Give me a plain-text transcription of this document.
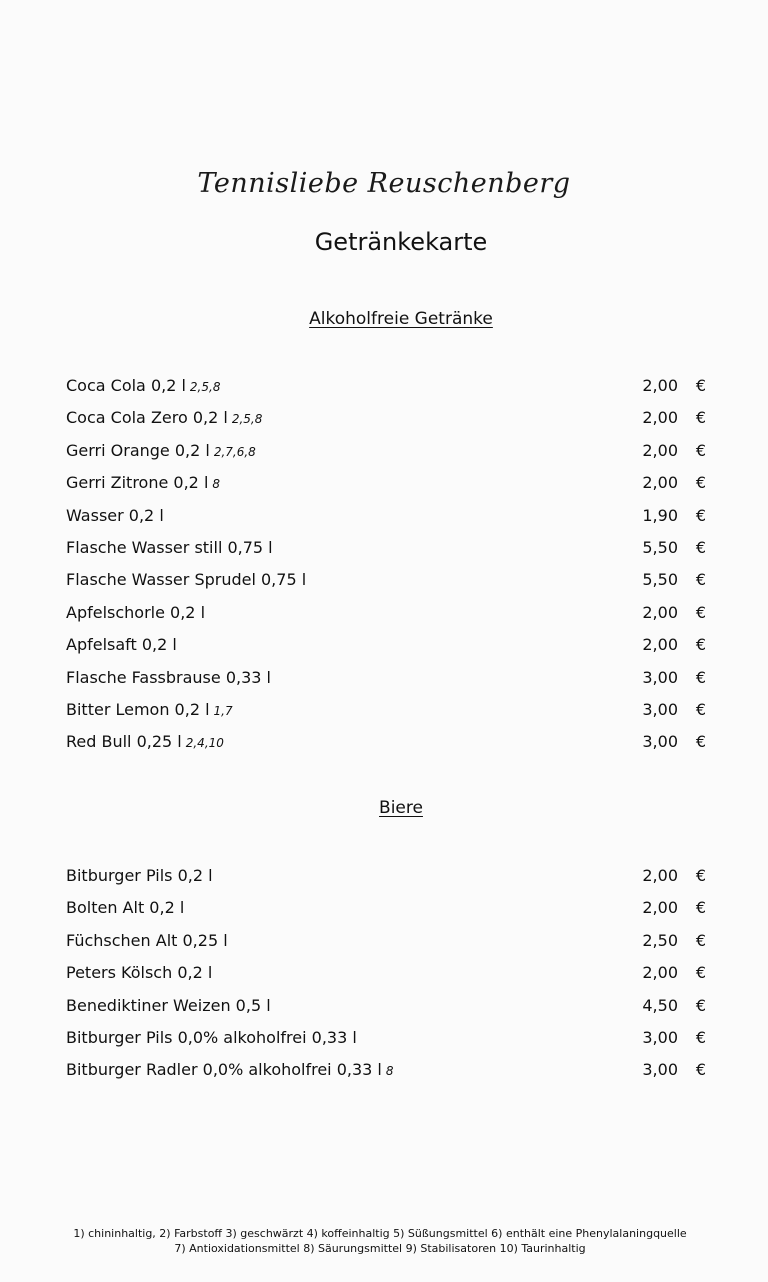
Tennisliebe Reuschenberg
Getränkekarte
Alkoholfreie Getränke
Coca Cola 0,2 l 2,5,8	2,00 €
Coca Cola Zero 0,2 l 2,5,8	2,00 €
Gerri Orange 0,2 l 2,7,6,8	2,00 €
Gerri Zitrone 0,2 l 8	2,00 €
Wasser 0,2 l	1,90 €
Flasche Wasser still 0,75 l	5,50 €
Flasche Wasser Sprudel 0,75 l	5,50 €
Apfelschorle 0,2 l	2,00 €
Apfelsaft 0,2 l	2,00 €
Flasche Fassbrause 0,33 l	3,00 €
Bitter Lemon 0,2 l 1,7	3,00 €
Red Bull 0,25 l 2,4,10	3,00 €
Biere
Bitburger Pils 0,2 l	2,00 €
Bolten Alt 0,2 l	2,00 €
Füchschen Alt 0,25 l	2,50 €
Peters Kölsch 0,2 l	2,00 €
Benediktiner Weizen 0,5 l	4,50 €
Bitburger Pils 0,0% alkoholfrei 0,33 l	3,00 €
Bitburger Radler 0,0% alkoholfrei 0,33 l 8	3,00 €
1) chininhaltig, 2) Farbstoff 3) geschwärzt 4) koffeinhaltig 5) Süßungsmittel 6) enthält eine Phenylalaningquelle
7) Antioxidationsmittel 8) Säurungsmittel 9) Stabilisatoren 10) Taurinhaltig
